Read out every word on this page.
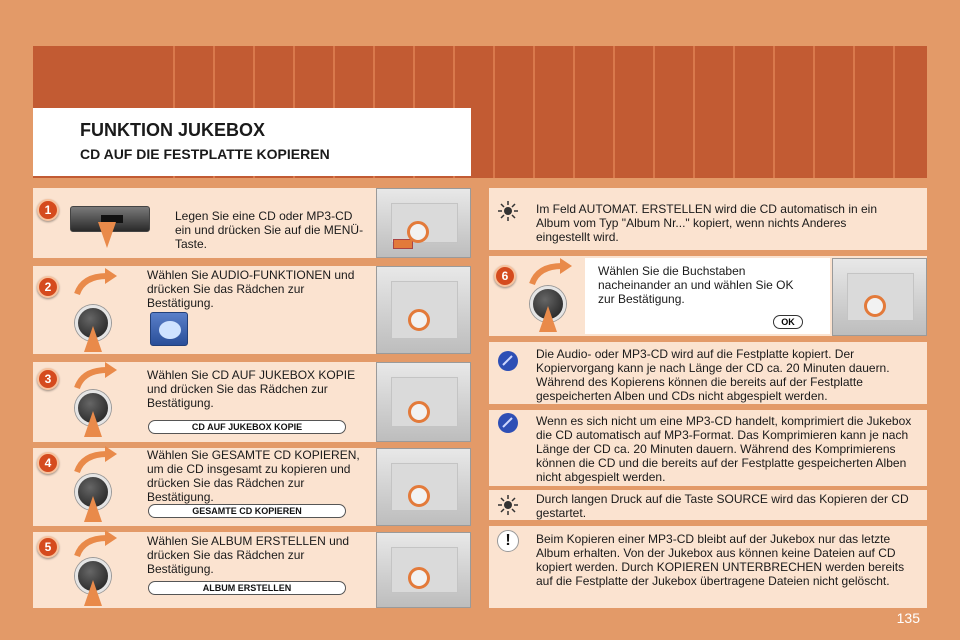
FUNKTION JUKEBOX
CD AUF DIE FESTPLATTE KOPIEREN
1	Legen Sie eine CD oder MP3-CD ein und drücken Sie auf die MENÜ-Taste.
2
Wählen Sie AUDIO-FUNKTIONEN und drücken Sie das Rädchen zur Bestätigung.
3	Wählen Sie CD AUF JUKEBOX KOPIE und drücken Sie das Rädchen zur Bestätigung.
CD AUF JUKEBOX KOPIE
4
Wählen Sie GESAMTE CD KOPIEREN, um die CD insgesamt zu kopieren und drücken Sie das Rädchen zur Bestätigung.
GESAMTE CD KOPIEREN
5	Wählen Sie ALBUM ERSTELLEN und drücken Sie das Rädchen zur Bestätigung.
ALBUM ERSTELLEN
Im Feld AUTOMAT. ERSTELLEN wird die CD automatisch in ein Album vom Typ "Album Nr..." kopiert, wenn nichts Anderes eingestellt wird.
6	Wählen Sie die Buchstaben nacheinander an und wählen Sie OK zur Bestätigung.
OK
Die Audio- oder MP3-CD wird auf die Festplatte kopiert. Der Kopiervorgang kann je nach Länge der CD ca. 20 Minuten dauern. Während des Kopierens können die bereits auf der Festplatte gespeicherten Alben und CDs nicht abgespielt werden.
Wenn es sich nicht um eine MP3-CD handelt, komprimiert die Jukebox die CD automatisch auf MP3-Format. Das Komprimieren kann je nach Länge der CD ca. 20 Minuten dauern. Während des Komprimierens können die CD und die bereits auf der Festplatte gespeicherten Alben nicht abgespielt werden.
Durch langen Druck auf die Taste SOURCE wird das Kopieren der CD gestartet.
!	Beim Kopieren einer MP3-CD bleibt auf der Jukebox nur das letzte Album erhalten. Von der Jukebox aus können keine Dateien auf CD kopiert werden. Durch KOPIEREN UNTERBRECHEN werden bereits auf die Festplatte der Jukebox übertragene Dateien nicht gelöscht.
135
